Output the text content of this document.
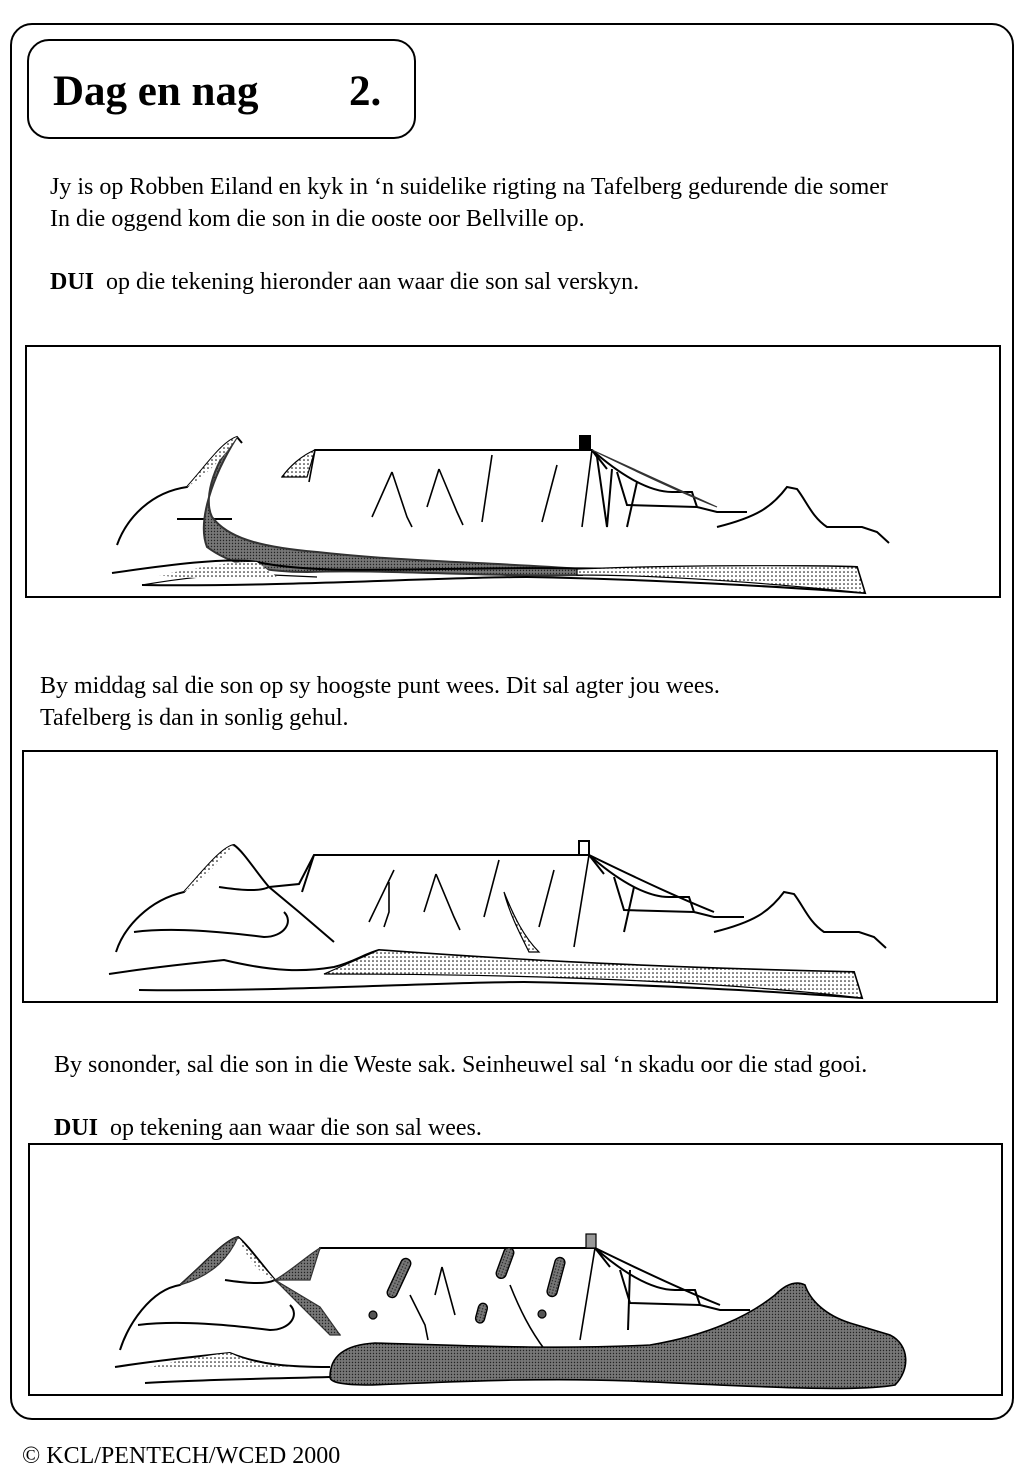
Dag en nag 2.
Jy is op Robben Eiland en kyk in ‘n suidelike rigting na Tafelberg gedurende die somer
In die oggend kom die son in die ooste oor Bellville op.
DUI op die tekening hieronder aan waar die son sal verskyn.
By middag sal die son op sy hoogste punt wees. Dit sal agter jou wees.
Tafelberg is dan in sonlig gehul.
By sononder, sal die son in die Weste sak. Seinheuwel sal ‘n skadu oor die stad gooi.
DUI op tekening aan waar die son sal wees.
© KCL/PENTECH/WCED 2000
